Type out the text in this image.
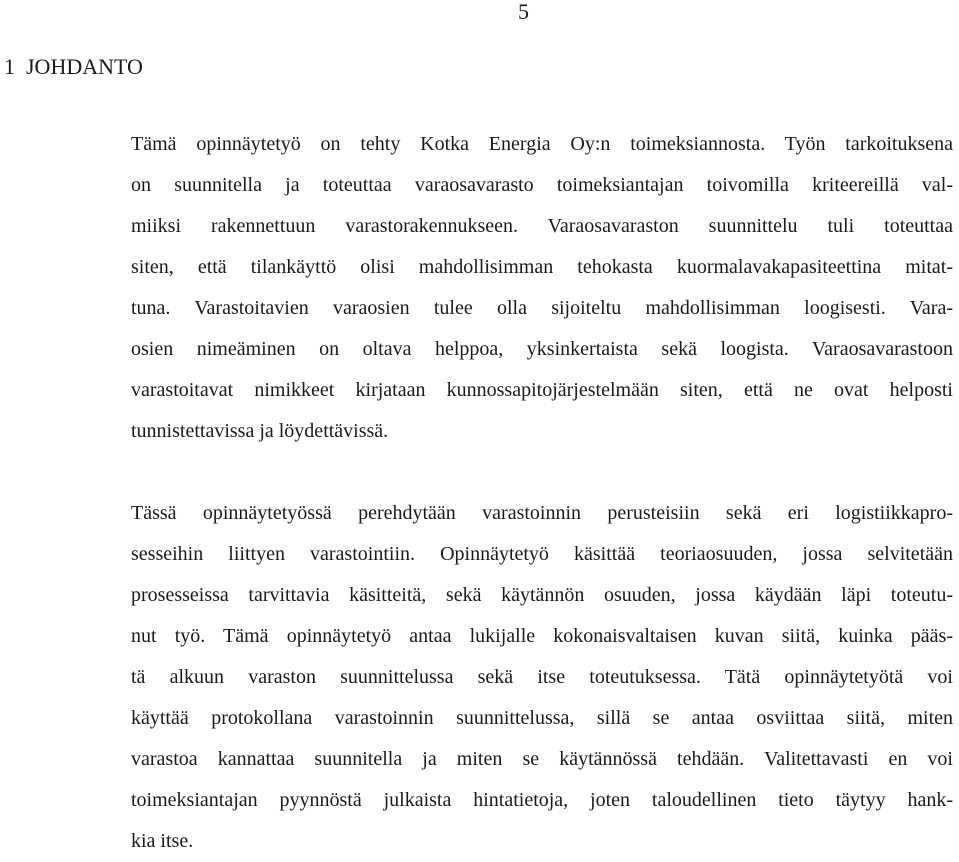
5
1 JOHDANTO
Tämä opinnäytetyö on tehty Kotka Energia Oy:n toimeksiannosta. Työn tarkoituksena
on suunnitella ja toteuttaa varaosavarasto toimeksiantajan toivomilla kriteereillä val-
miiksi rakennettuun varastorakennukseen. Varaosavaraston suunnittelu tuli toteuttaa
siten, että tilankäyttö olisi mahdollisimman tehokasta kuormalavakapasiteettina mitat-
tuna. Varastoitavien varaosien tulee olla sijoiteltu mahdollisimman loogisesti. Vara-
osien nimeäminen on oltava helppoa, yksinkertaista sekä loogista. Varaosavarastoon
varastoitavat nimikkeet kirjataan kunnossapitojärjestelmään siten, että ne ovat helposti
tunnistettavissa ja löydettävissä.
Tässä opinnäytetyössä perehdytään varastoinnin perusteisiin sekä eri logistiikkapro-
sesseihin liittyen varastointiin. Opinnäytetyö käsittää teoriaosuuden, jossa selvitetään
prosesseissa tarvittavia käsitteitä, sekä käytännön osuuden, jossa käydään läpi toteutu-
nut työ. Tämä opinnäytetyö antaa lukijalle kokonaisvaltaisen kuvan siitä, kuinka pääs-
tä alkuun varaston suunnittelussa sekä itse toteutuksessa. Tätä opinnäytetyötä voi
käyttää protokollana varastoinnin suunnittelussa, sillä se antaa osviittaa siitä, miten
varastoa kannattaa suunnitella ja miten se käytännössä tehdään. Valitettavasti en voi
toimeksiantajan pyynnöstä julkaista hintatietoja, joten taloudellinen tieto täytyy hank-
kia itse.
